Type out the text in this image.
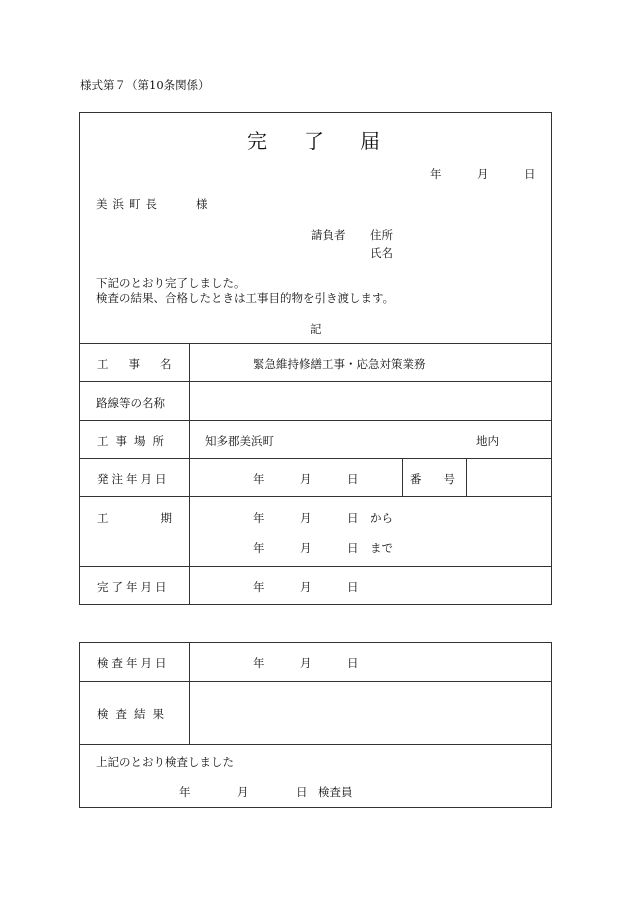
様式第７（第10条関係）
完 了 届
年	月	日
美浜町長	様
請負者 住所
氏名
下記のとおり完了しました。
検査の結果、合格したときは工事目的物を引き渡します。
記
工事名	緊急維持修繕工事・応急対策業務
路線等の名称
工事場所	知多郡美浜町	地内
発注年月日	年	月	日	番号
工期	年	月	日 から
年	月	日 まで
完了年月日	年	月	日
検査年月日	年	月	日
検査結果
上記のとおり検査しました
年	月	日 検査員
